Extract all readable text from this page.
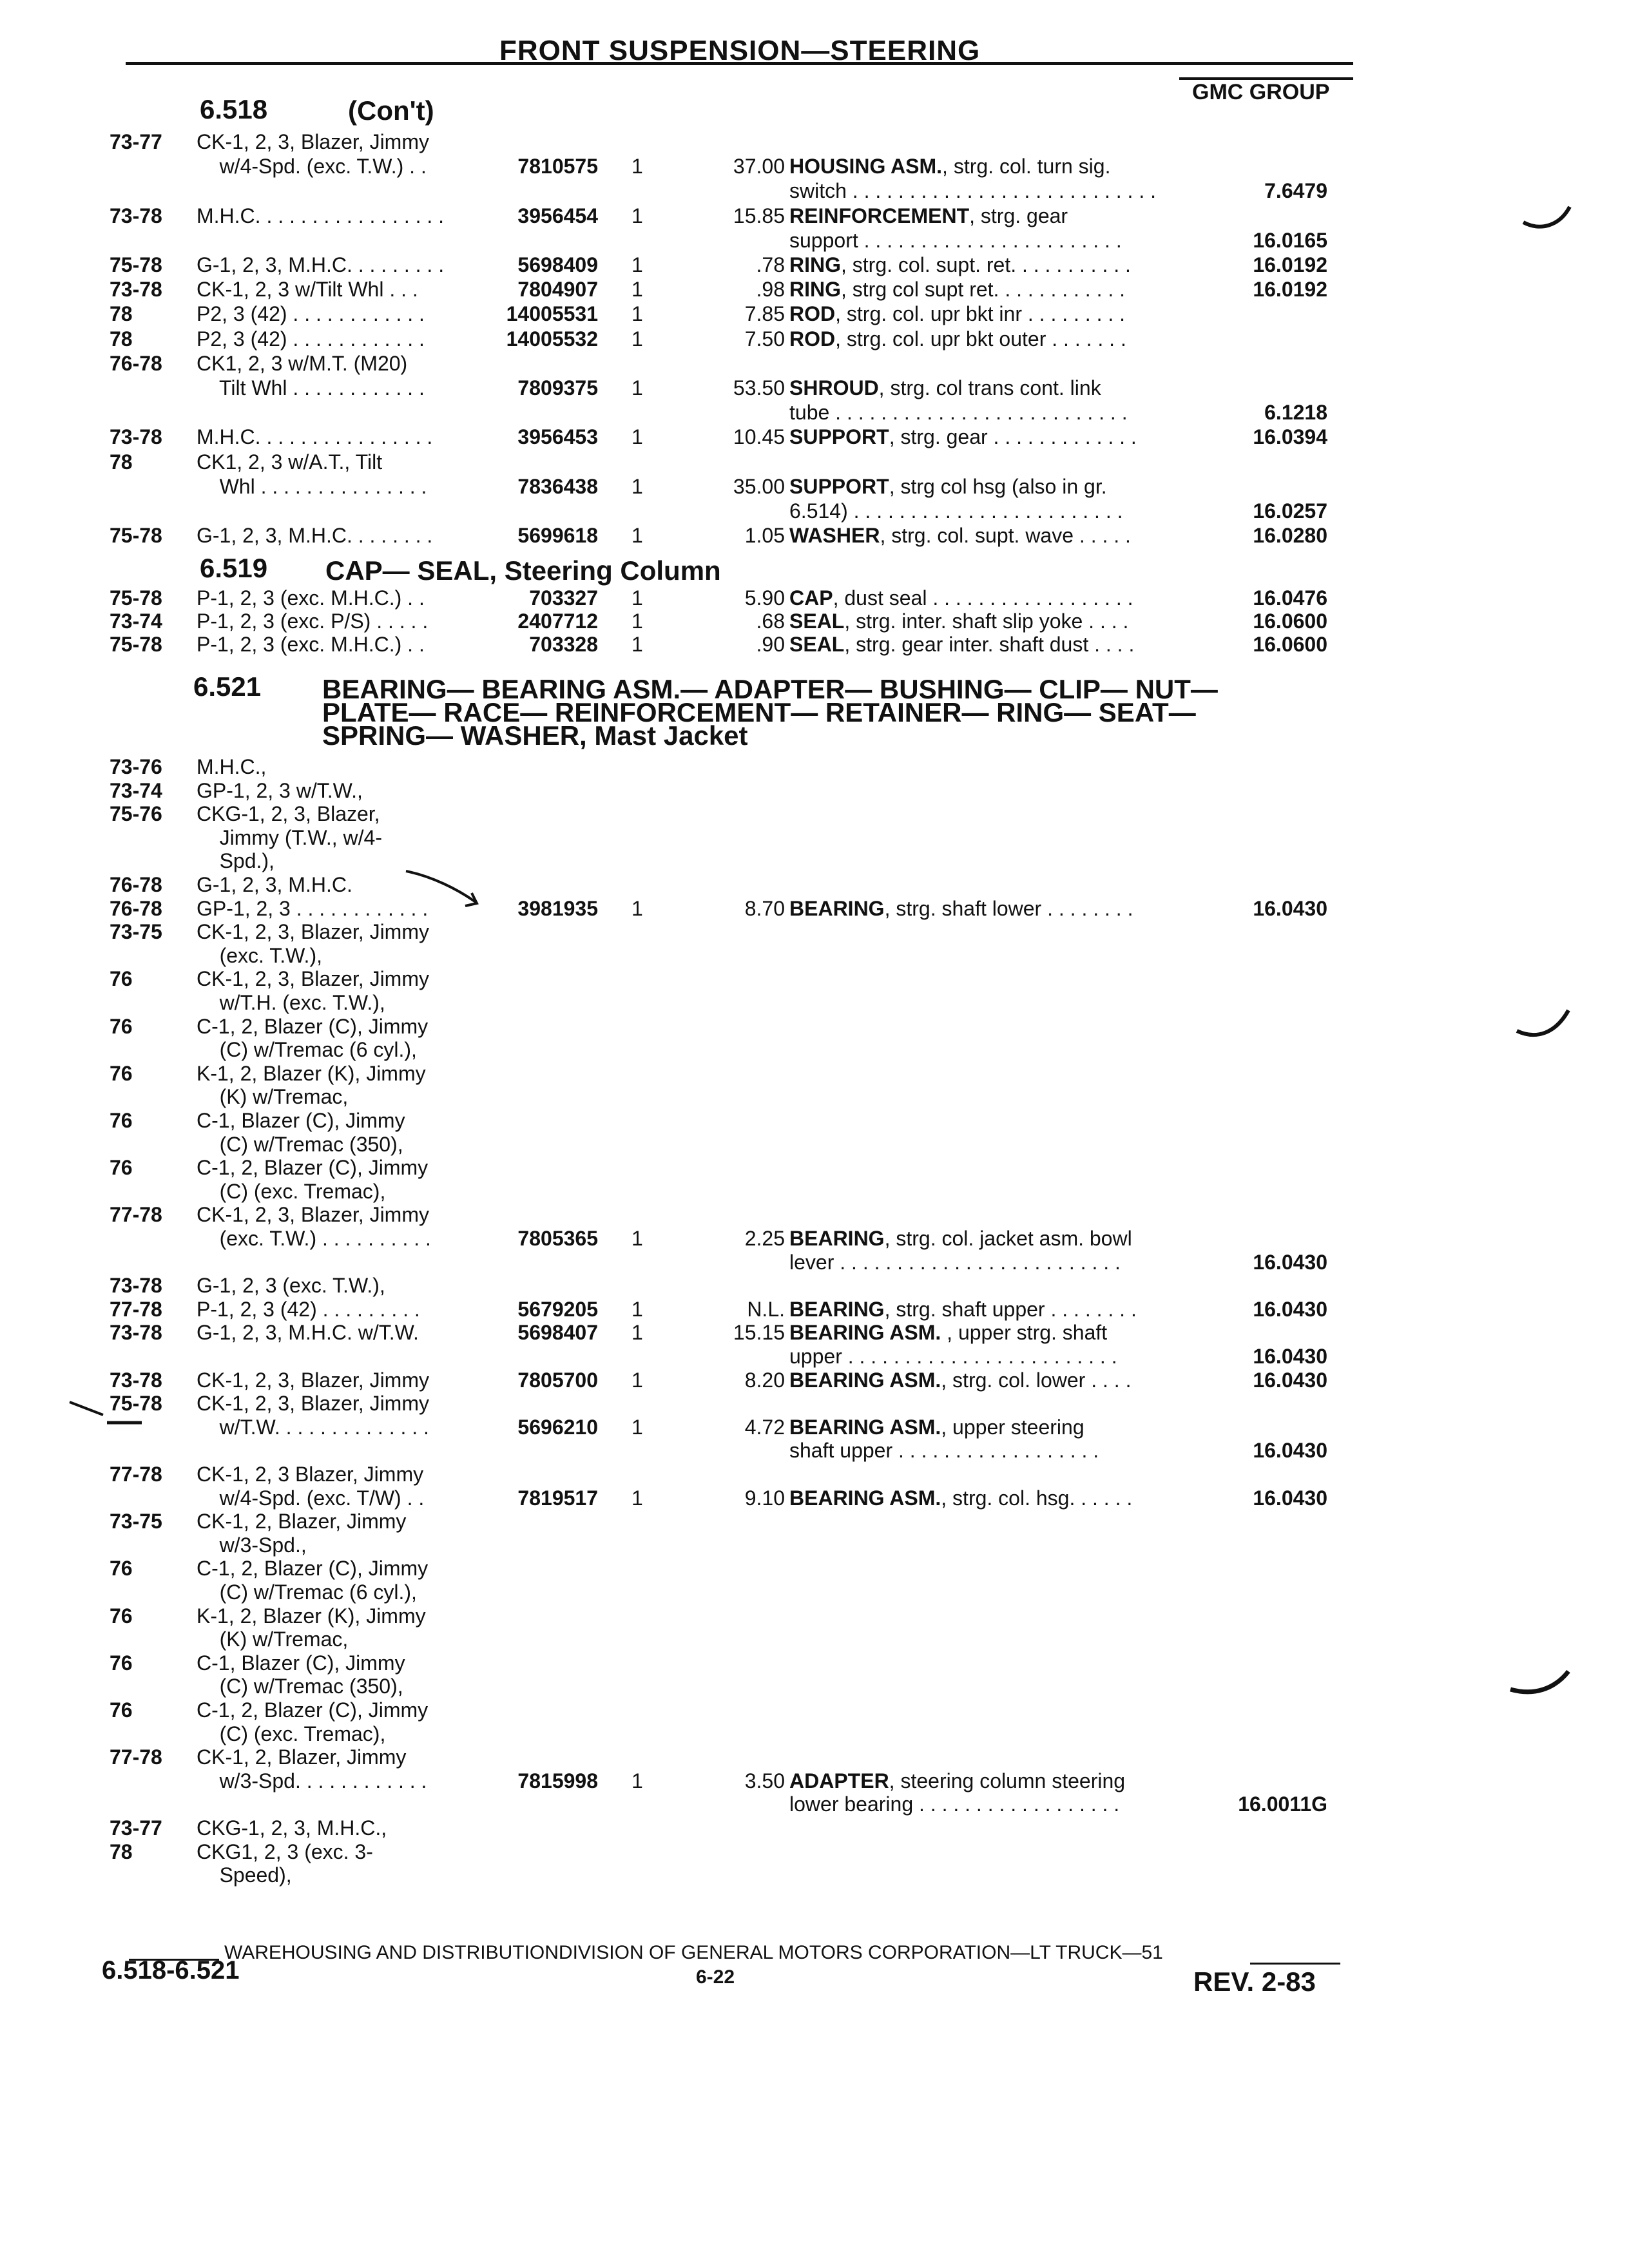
FRONT SUSPENSION—STEERING
GMC GROUP
6.518	(Con't)
73-77 CK-1, 2, 3, Blazer, Jimmy
w/4-Spd. (exc. T.W.) . .	7810575 1	37.00 HOUSING ASM., strg. col. turn sig.
switch . . . . . . . . . . . . . . . . . . . . . . . . . . .	7.6479
73-78 M.H.C. . . . . . . . . . . . . . . . .	3956454 1	15.85 REINFORCEMENT, strg. gear
support . . . . . . . . . . . . . . . . . . . . . . .	16.0165
75-78 G-1, 2, 3, M.H.C. . . . . . . . .	5698409 1	.78 RING, strg. col. supt. ret. . . . . . . . . . .	16.0192
73-78 CK-1, 2, 3 w/Tilt Whl . . .	7804907 1	.98 RING, strg col supt ret. . . . . . . . . . . .	16.0192
78	P2, 3 (42) . . . . . . . . . . . .	14005531 1	7.85 ROD, strg. col. upr bkt inr . . . . . . . . .
78	P2, 3 (42) . . . . . . . . . . . .	14005532 1	7.50 ROD, strg. col. upr bkt outer . . . . . . .
76-78 CK1, 2, 3 w/M.T. (M20)
Tilt Whl . . . . . . . . . . . .	7809375 1	53.50 SHROUD, strg. col trans cont. link
tube . . . . . . . . . . . . . . . . . . . . . . . . . .	6.1218
73-78 M.H.C. . . . . . . . . . . . . . . .	3956453 1	10.45 SUPPORT, strg. gear . . . . . . . . . . . . .	16.0394
78	CK1, 2, 3 w/A.T., Tilt
Whl . . . . . . . . . . . . . . .	7836438 1	35.00 SUPPORT, strg col hsg (also in gr.
6.514) . . . . . . . . . . . . . . . . . . . . . . . .	16.0257
75-78 G-1, 2, 3, M.H.C. . . . . . . .	5699618 1	1.05 WASHER, strg. col. supt. wave . . . . .	16.0280
6.519 CAP— SEAL, Steering Column
75-78 P-1, 2, 3 (exc. M.H.C.) . .	703327 1	5.90 CAP, dust seal . . . . . . . . . . . . . . . . . .	16.0476
73-74 P-1, 2, 3 (exc. P/S) . . . . .	2407712 1	.68 SEAL, strg. inter. shaft slip yoke . . . .	16.0600
75-78 P-1, 2, 3 (exc. M.H.C.) . .	703328 1	.90 SEAL, strg. gear inter. shaft dust . . . .	16.0600
6.521 BEARING— BEARING ASM.— ADAPTER— BUSHING— CLIP— NUT—
PLATE— RACE— REINFORCEMENT— RETAINER— RING— SEAT—
SPRING— WASHER, Mast Jacket
73-76 M.H.C.,
73-74 GP-1, 2, 3 w/T.W.,
75-76 CKG-1, 2, 3, Blazer,
Jimmy (T.W., w/4-
Spd.),
76-78 G-1, 2, 3, M.H.C.
76-78 GP-1, 2, 3 . . . . . . . . . . . .	3981935 1	8.70 BEARING, strg. shaft lower . . . . . . . .	16.0430
73-75 CK-1, 2, 3, Blazer, Jimmy
(exc. T.W.),
76	CK-1, 2, 3, Blazer, Jimmy
w/T.H. (exc. T.W.),
76	C-1, 2, Blazer (C), Jimmy
(C) w/Tremac (6 cyl.),
76	K-1, 2, Blazer (K), Jimmy
(K) w/Tremac,
76	C-1, Blazer (C), Jimmy
(C) w/Tremac (350),
76	C-1, 2, Blazer (C), Jimmy
(C) (exc. Tremac),
77-78 CK-1, 2, 3, Blazer, Jimmy
(exc. T.W.) . . . . . . . . . .	7805365 1	2.25 BEARING, strg. col. jacket asm. bowl
lever . . . . . . . . . . . . . . . . . . . . . . . . .	16.0430
73-78 G-1, 2, 3 (exc. T.W.),
77-78 P-1, 2, 3 (42) . . . . . . . . .	5679205 1	N.L. BEARING, strg. shaft upper . . . . . . . .	16.0430
73-78 G-1, 2, 3, M.H.C. w/T.W.	5698407 1	15.15 BEARING ASM. , upper strg. shaft
upper . . . . . . . . . . . . . . . . . . . . . . . .	16.0430
73-78 CK-1, 2, 3, Blazer, Jimmy	7805700 1	8.20 BEARING ASM., strg. col. lower . . . .	16.0430
75-78 CK-1, 2, 3, Blazer, Jimmy
w/T.W. . . . . . . . . . . . . .	5696210 1	4.72 BEARING ASM., upper steering
shaft upper . . . . . . . . . . . . . . . . . .	16.0430
77-78 CK-1, 2, 3 Blazer, Jimmy
w/4-Spd. (exc. T/W) . .	7819517 1	9.10 BEARING ASM., strg. col. hsg. . . . . .	16.0430
73-75 CK-1, 2, Blazer, Jimmy
w/3-Spd.,
76	C-1, 2, Blazer (C), Jimmy
(C) w/Tremac (6 cyl.),
76	K-1, 2, Blazer (K), Jimmy
(K) w/Tremac,
76	C-1, Blazer (C), Jimmy
(C) w/Tremac (350),
76	C-1, 2, Blazer (C), Jimmy
(C) (exc. Tremac),
77-78 CK-1, 2, Blazer, Jimmy
w/3-Spd. . . . . . . . . . . .	7815998 1	3.50 ADAPTER, steering column steering
lower bearing . . . . . . . . . . . . . . . . . .	16.0011G
73-77 CKG-1, 2, 3, M.H.C.,
78	CKG1, 2, 3 (exc. 3-
Speed),
WAREHOUSING AND DISTRIBUTIONDIVISION OF GENERAL MOTORS CORPORATION—LT TRUCK—51
6.518-6.521	6-22	REV. 2-83
